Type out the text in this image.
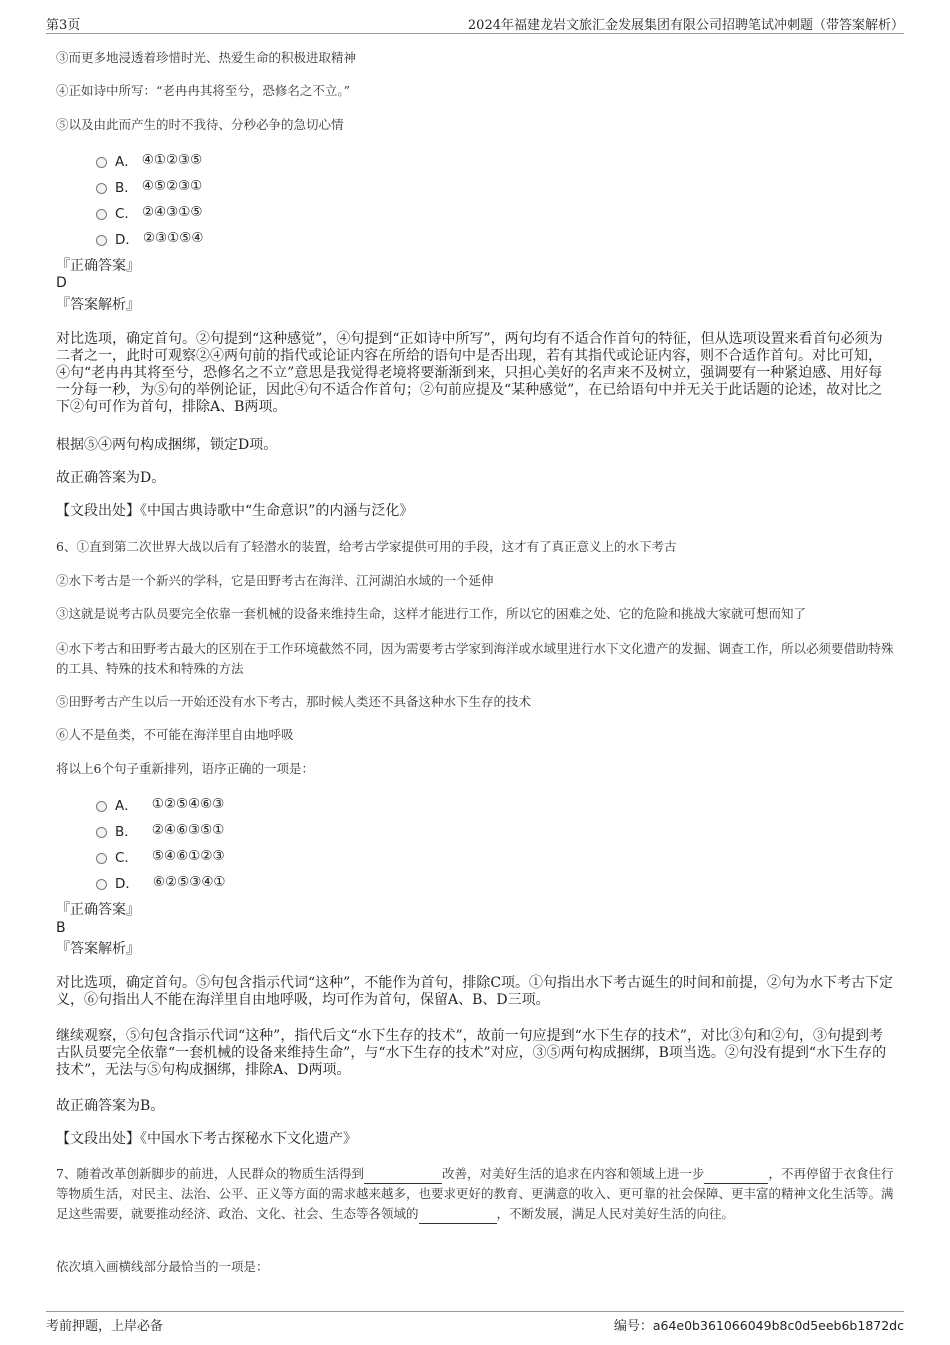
第3页	2024年福建龙岩文旅汇金发展集团有限公司招聘笔试冲刺题（带答案解析）
③而更多地浸透着珍惜时光、热爱生命的积极进取精神
④正如诗中所写：“老冉冉其将至兮，恐修名之不立。”
⑤以及由此而产生的时不我待、分秒必争的急切心情
A． ④①②③⑤
B． ④⑤②③①
C． ②④③①⑤
D． ②③①⑤④
『正确答案』
D
『答案解析』
对比选项，确定首句。②句提到“这种感觉”，④句提到“正如诗中所写”，两句均有不适合作首句的特征，但从选项设置来看首句必须为二者之一，此时可观察②④两句前的指代或论证内容在所给的语句中是否出现，若有其指代或论证内容，则不合适作首句。对比可知，④句“老冉冉其将至兮，恐修名之不立”意思是我觉得老境将要渐渐到来，只担心美好的名声来不及树立，强调要有一种紧迫感、用好每一分每一秒，为⑤句的举例论证，因此④句不适合作首句；②句前应提及“某种感觉”，在已给语句中并无关于此话题的论述，故对比之下②句可作为首句，排除A、B两项。
根据⑤④两句构成捆绑，锁定D项。
故正确答案为D。
【文段出处】《中国古典诗歌中“生命意识”的内涵与泛化》
6、①直到第二次世界大战以后有了轻潜水的装置，给考古学家提供可用的手段，这才有了真正意义上的水下考古
②水下考古是一个新兴的学科，它是田野考古在海洋、江河湖泊水域的一个延伸
③这就是说考古队员要完全依靠一套机械的设备来维持生命，这样才能进行工作，所以它的困难之处、它的危险和挑战大家就可想而知了
④水下考古和田野考古最大的区别在于工作环境截然不同，因为需要考古学家到海洋或水域里进行水下文化遗产的发掘、调查工作，所以必须要借助特殊的工具、特殊的技术和特殊的方法
⑤田野考古产生以后一开始还没有水下考古，那时候人类还不具备这种水下生存的技术
⑥人不是鱼类，不可能在海洋里自由地呼吸
将以上6个句子重新排列，语序正确的一项是：
A． ①②⑤④⑥③
B． ②④⑥③⑤①
C． ⑤④⑥①②③
D． ⑥②⑤③④①
『正确答案』
B
『答案解析』
对比选项，确定首句。⑤句包含指示代词“这种”，不能作为首句，排除C项。①句指出水下考古诞生的时间和前提，②句为水下考古下定义，⑥句指出人不能在海洋里自由地呼吸，均可作为首句，保留A、B、D三项。
继续观察，⑤句包含指示代词“这种”，指代后文“水下生存的技术”，故前一句应提到“水下生存的技术”，对比③句和②句，③句提到考古队员要完全依靠“一套机械的设备来维持生命”，与“水下生存的技术”对应，③⑤两句构成捆绑，B项当选。②句没有提到“水下生存的技术”，无法与⑤句构成捆绑，排除A、D两项。
故正确答案为B。
【文段出处】《中国水下考古探秘水下文化遗产》
7、随着改革创新脚步的前进，人民群众的物质生活得到	改善，对美好生活的追求在内容和领域上进一步	，不再停留于衣食住行等物质生活，对民主、法治、公平、正义等方面的需求越来越多，也要求更好的教育、更满意的收入、更可靠的社会保障、更丰富的精神文化生活等。满足这些需要，就要推动经济、政治、文化、社会、生态等各领域的	，不断发展，满足人民对美好生活的向往。
依次填入画横线部分最恰当的一项是：
考前押题，上岸必备	编号：a64e0b361066049b8c0d5eeb6b1872dc
